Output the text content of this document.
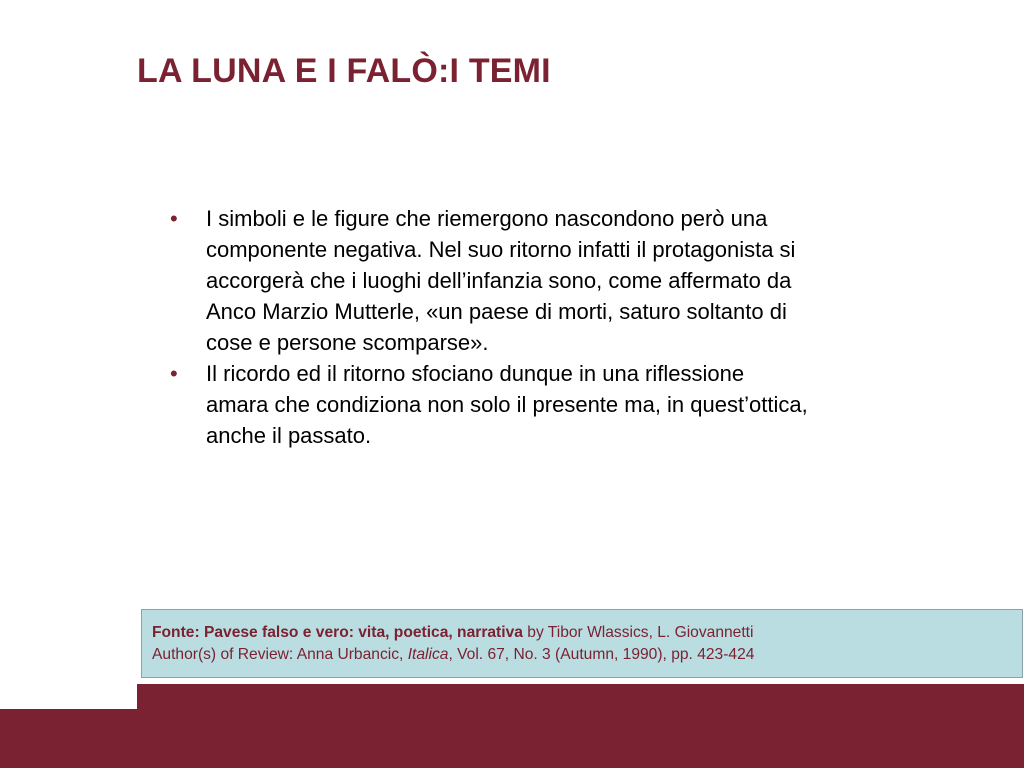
LA LUNA E I FALÒ:I TEMI
• I simboli e le figure che riemergono nascondono però una
componente negativa. Nel suo ritorno infatti il protagonista si
accorgerà che i luoghi dell’infanzia sono, come affermato da
Anco Marzio Mutterle, «un paese di morti, saturo soltanto di
cose e persone scomparse».
• Il ricordo ed il ritorno sfociano dunque in una riflessione
amara che condiziona non solo il presente ma, in quest’ottica,
anche il passato.
Fonte: Pavese falso e vero: vita, poetica, narrativa by Tibor Wlassics, L. Giovannetti
Author(s) of Review: Anna Urbancic, Italica, Vol. 67, No. 3 (Autumn, 1990), pp. 423-424
